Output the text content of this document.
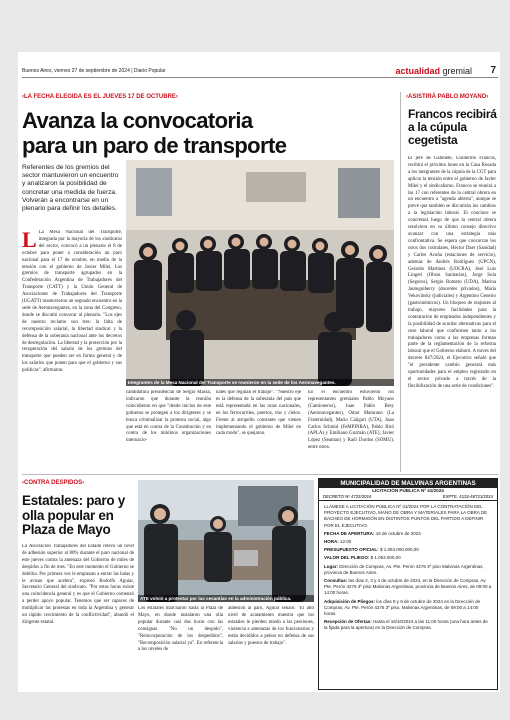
Buenos Aires, viernes 27 de septiembre de 2024 | Diario Popular	actualidad gremial 7
‹LA FECHA ELEGIDA ES EL JUEVES 17 DE OCTUBRE›
Avanza la convocatoria
para un paro de transporte
Referentes de los gremios del sector mantuvieron un encuentro y analizaron la posibilidad de concretar una medida de fuerza. Volverán a encontrarse en un plenario para definir los detalles.
L La Mesa Nacional del Transporte, integrada por la mayoría de los sindicatos del sector, convocó a un plenario el 8 de octubre para poner a consideración un paro nacional para el 17 de octubre, en medio de la tensión con el gobierno de Javier Milei. Los gremios de transporte agrupados en la Confederación Argentina de Trabajadores del Transporte (CATT) y la Unión General de Asociaciones de Trabajadores del Transporte (UGATT) mantuvieron un segundo encuentro en la sede de Aeronavegantes, en la zona del Congreso, donde se discutió convocar al plenario. "Los ejes de nuestro reclamo son tres: la falta de recomposición salarial, la libertad sindical y la defensa de la soberanía nacional ante los decretos de desregulación. La libertad y la protección por la recuperación del salario de los gremios del transporte que pueden ser en forma general y de los salarios que ponen para que el gobierno y sus políticas", afirmaron.
Integrantes de la Mesa Nacional del Transporte se reunieron en la sede de los Aeronavegantes.
candidatura presidencial de Sergio Massa, indicaron que durante la reunión coincidieron en que "desde inicios de este gobierno se protegen a los dirigentes y se busca criminalizar la protesta social, algo que está en contra de la Constitución y en contra de los mínimos organizaciones internacio-
nales que regulan el trabajo". "Nuestro eje es la defensa de la soberanía del país que está representada en las rutas nacionales, en los ferrocarriles, puertos, ríos y cielos. Frente al atropello constante que vienen implementando el gobierno de Milei en cada modo", se quejaron.
En el encuentro estuvieron los representantes gremiales Pablo Moyano (Camioneros), Juan Pablo Brey (Aeronavegantes), Omar Maturano (La Fraternidad), Mario Caligari (UTA), Juan Carlos Schmid (FeMPINRA), Pablo Biró (APLA) y Emiliano Guzmán (ATE), Javier López (Seaman) y Raúl Durdos (SOMU), entre otros.
‹ASISTIRÁ PABLO MOYANO›
Francos recibirá a la cúpula cegetista
El jefe de Gabinete, Guillermo Francos, recibirá el próximo lunes en la Casa Rosada a los integrantes de la cúpula de la CGT para aplicar la tensión entre el gobierno de Javier Milei y el sindicalismo. Francos se reunirá a las 17 con referentes de la central obrera en un encuentro a "agenda abierta", aunque se prevé que también se discutirán los cambios a la legislación laboral. El cónclave se concretará luego de que la central obrera resolviera en su último consejo directivo avanzar con una estrategia más confrontativa. Se espera que concurran los otros dos cotitulares, Héctor Daer (Sanidad) y Carlos Acuña (estaciones de servicio), además de Andrés Rodríguez (UPCN), Gerardo Martínez (UOCRA), José Luis Lingeri (Obras Sanitarias), Jorge Sola (Seguros), Sergio Romero (UDA), Marina Jaureguiberry (docentes privados), María Vekovinsky (judiciales) y Argentino Geneiro (gastronómicos). Un bloqueo de reajustes al trabajo, mayores facilidades para la contratación de empleados independientes y la posibilidad de acordar alternativas para el cese laboral que conformen tanto a los trabajadores como a las empresas forman parte de la reglamentación de la reforma laboral que el Gobierno elaboró. A través del decreto 847/2024, el Ejecutivo señaló que "el presidente cambio generará más oportunidades para el empleo registrado en el sector privado a través de la flexibilización de una serie de condiciones".
‹CONTRA DESPIDOS›
Estatales: paro y olla popular en Plaza de Mayo
La Asociación Trabajadores del Estado relevó un nivel de adhesión superior al 80% durante el paro nacional de este jueves contra la amenaza del Gobierno de miles de despidos a fin de mes. "En este momento el Gobierno se debilita. Por primera vez le empiezan a entrar las balas y le avisan que acelera", expresó Rodolfo Aguiar, Secretario General del sindicato. "Por estas horas existe una coincidencia general y es que el Gobierno comenzó a perder apoyo popular. Tenemos que ser capaces de multiplicar las protestas en toda la Argentina y generar un rápido crecimiento de la conflictividad", abundó el dirigente estatal.
ATE volvió a protestar por las cesantías en la administración pública.
Los estatales marcharon hasta la Plaza de Mayo, en donde instalaron una olla popular durante casi dos horas con las consignas "No un despido", "Reincorporación de los despedidos", "Recomposición salarial ya". En referencia a los niveles de
adhesión al paro, Aguiar señaló: "El alto nivel de acatamiento muestra que los estatales le pierden miedo a las presiones, violencia e amenazas de los funcionarios y están decididos a pelear en defensa de sus salarios y puestos de trabajo".
MUNICIPALIDAD DE MALVINAS ARGENTINAS
LICITACIÓN PÚBLICA Nº 41/2024
DECRETO Nº 4722/2024	EXPTE. 4132-48721/2024

LLÁMESE A LICITACIÓN PÚBLICA Nº 41/2024 POR LA CONTRATACIÓN DEL PROYECTO EJECUTIVO, MANO DE OBRA Y MATERIALES PARA LA OBRA DE BACHEO DE HORMIGÓN EN DISTINTOS PUNTOS DEL PARTIDO A DEFINIR POR EL EJECUTIVO.

FECHA DE APERTURA: 16 de octubre de 2024

HORA: 12:00

PRESUPUESTO OFICIAL: $ 1.053.000.000,00

VALOR DEL PLIEGO: $ 1.053.000,00

Lugar: Dirección de Compras, Av. Pte. Perón 4276 3º piso Malvinas Argentinas, provincia de Buenos Aires.

Consultas: las días 2, 3 y 4 de octubre de 2024, en la Dirección de Compras, Av. Pte. Perón 4276 3º piso Malvinas Argentinas, provincia de Buenos Aires, de 09:00 a 14:00 horas.

Adquisición de Pliegos: los días 8 y 9 de octubre de 2024 en la Dirección de Compras, Av. Pte. Perón 4276 3º piso, Malvinas Argentinas, de 09:00 a 14:00 horas.

Recepción de Ofertas: Hasta el 16/10/2024 a las 11:00 horas (una hora antes de la fijada para la apertura) en la Dirección de Compras.
